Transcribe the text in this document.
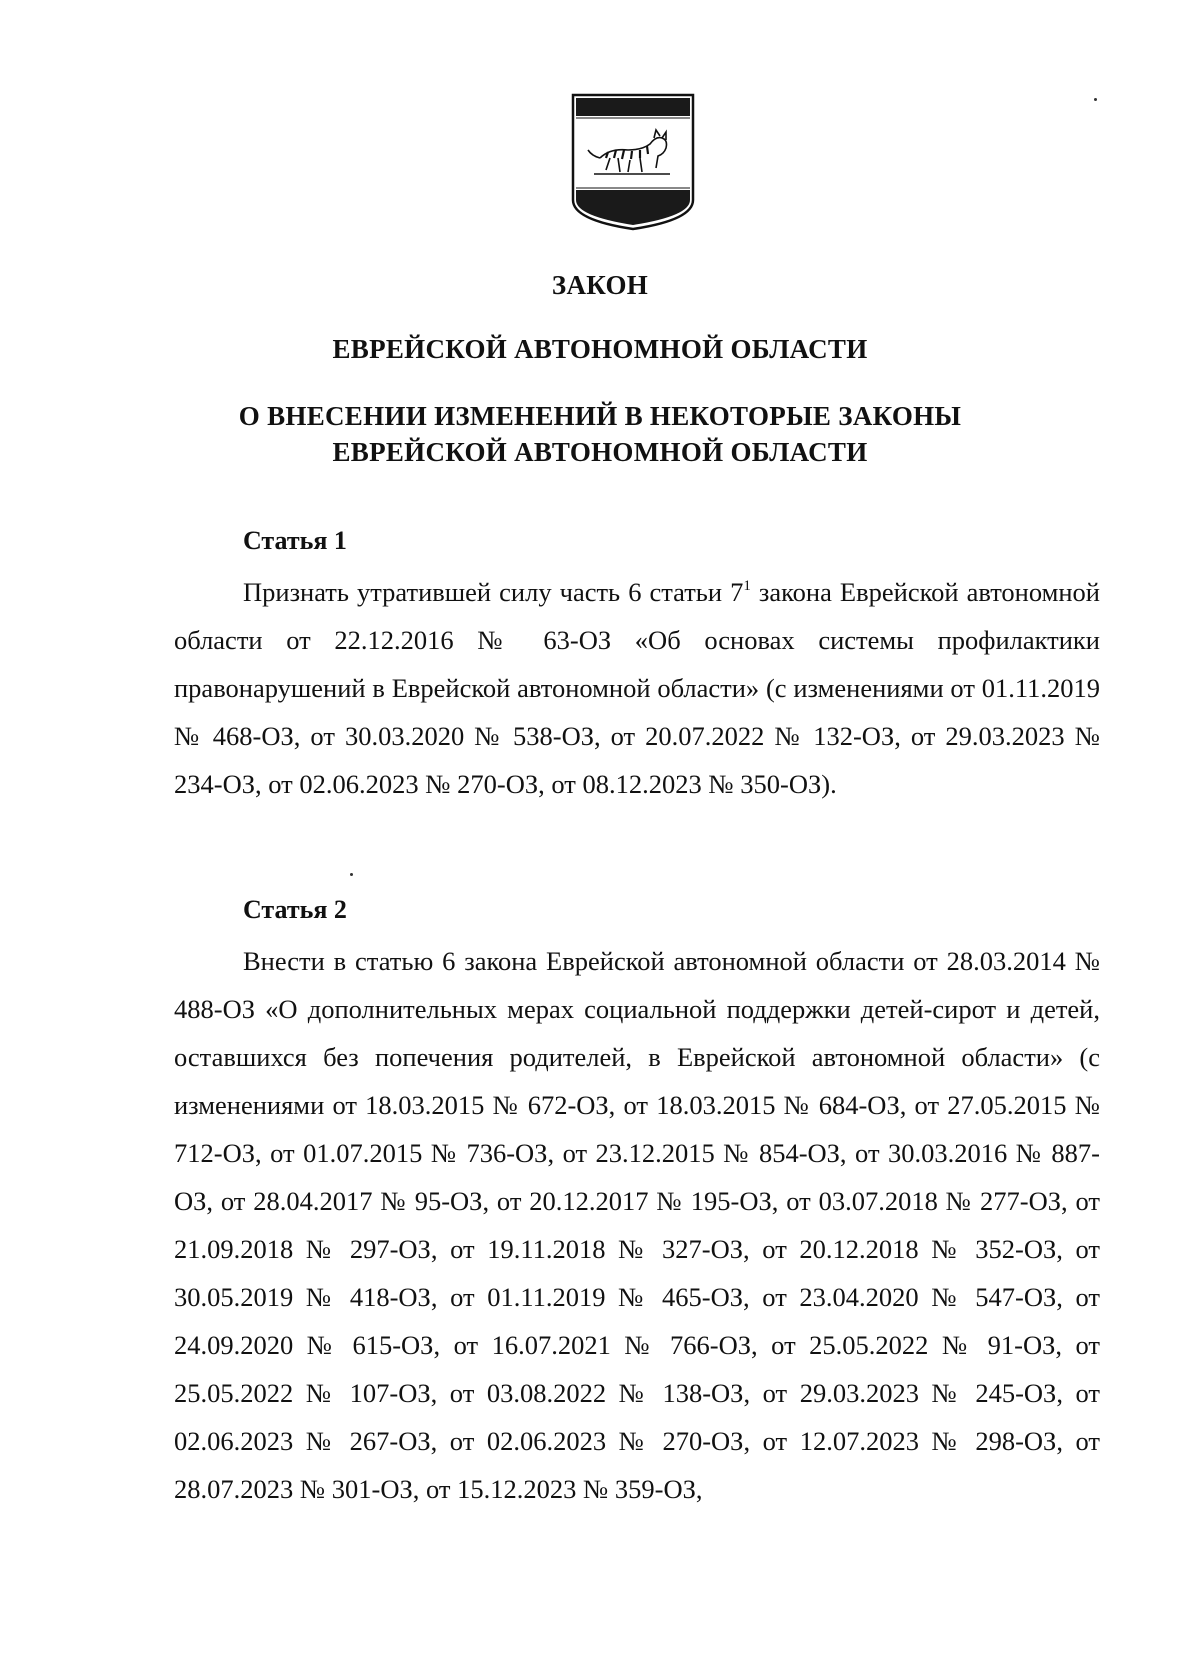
ЗАКОН
ЕВРЕЙСКОЙ АВТОНОМНОЙ ОБЛАСТИ
О ВНЕСЕНИИ ИЗМЕНЕНИЙ В НЕКОТОРЫЕ ЗАКОНЫ
ЕВРЕЙСКОЙ АВТОНОМНОЙ ОБЛАСТИ
Статья 1
Признать утратившей силу часть 6 статьи $7^1$ закона Еврейской автономной области от 22.12.2016 № 63-ОЗ «Об основах системы профилактики правонарушений в Еврейской автономной области» (с изменениями от 01.11.2019 № 468-ОЗ, от 30.03.2020 № 538-ОЗ, от 20.07.2022 № 132-ОЗ, от 29.03.2023 № 234-ОЗ, от 02.06.2023 № 270-ОЗ, от 08.12.2023 № 350-ОЗ).
Статья 2
Внести в статью 6 закона Еврейской автономной области от 28.03.2014 № 488-ОЗ «О дополнительных мерах социальной поддержки детей-сирот и детей, оставшихся без попечения родителей, в Еврейской автономной области» (с изменениями от 18.03.2015 № 672-ОЗ, от 18.03.2015 № 684-ОЗ, от 27.05.2015 № 712-ОЗ, от 01.07.2015 № 736-ОЗ, от 23.12.2015 № 854-ОЗ, от 30.03.2016 № 887-ОЗ, от 28.04.2017 № 95-ОЗ, от 20.12.2017 № 195-ОЗ, от 03.07.2018 № 277-ОЗ, от 21.09.2018 № 297-ОЗ, от 19.11.2018 № 327-ОЗ, от 20.12.2018 № 352-ОЗ, от 30.05.2019 № 418-ОЗ, от 01.11.2019 № 465-ОЗ, от 23.04.2020 № 547-ОЗ, от 24.09.2020 № 615-ОЗ, от 16.07.2021 № 766-ОЗ, от 25.05.2022 № 91-ОЗ, от 25.05.2022 № 107-ОЗ, от 03.08.2022 № 138-ОЗ, от 29.03.2023 № 245-ОЗ, от 02.06.2023 № 267-ОЗ, от 02.06.2023 № 270-ОЗ, от 12.07.2023 № 298-ОЗ, от 28.07.2023 № 301-ОЗ, от 15.12.2023 № 359-ОЗ,
